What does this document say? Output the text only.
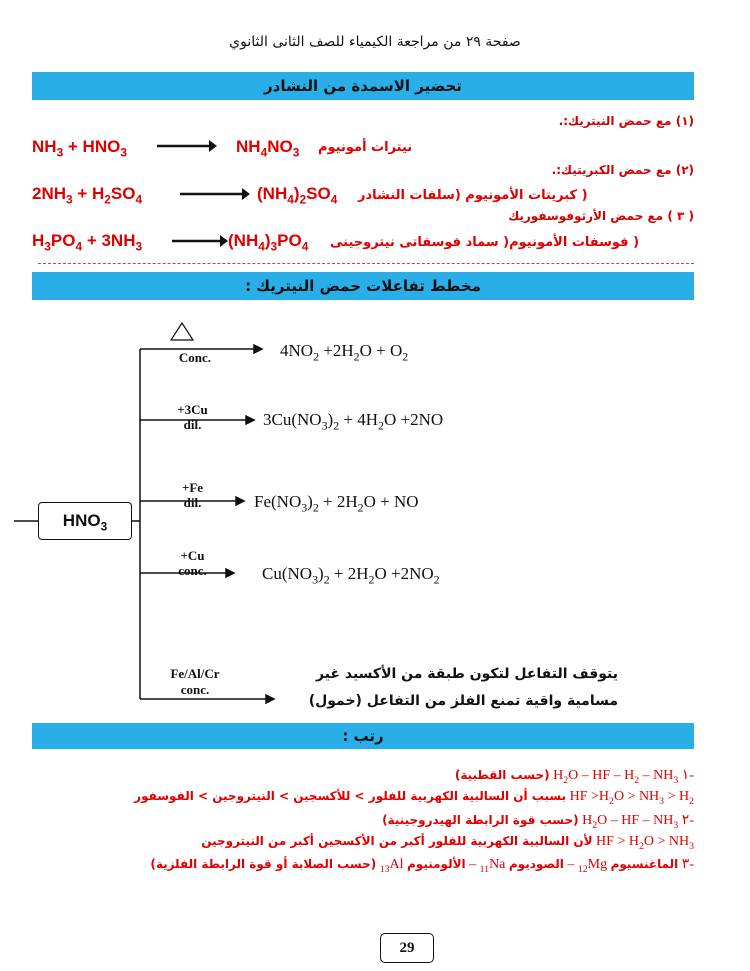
صفحة ٢٩ من مراجعة الكيمياء للصف الثانى الثانوي
تحضير الاسمدة من النشادر
(١) مع حمض النيتريك:.
$NH_3 + HNO_3$	$NH_4NO_3$ نيترات أمونيوم
(٢) مع حمض الكبريتيك:.
$2NH_3 + H_2SO_4$	$(NH_4)_2SO_4$ ( كبريتات الأمونيوم (سلفات النشادر
( ٣ ) مع حمض الأرثوفوسفوريك
$H_3PO_4 + 3NH_3$	$(NH_4)_3PO_4$ ( فوسفات الأمونيوم( سماد فوسفاتى نيتروجينى
مخطط تفاعلات حمض النيتريك :
$HNO_3$
Conc.
+3Cu
dil.
+Fe
dil.
+Cu
conc.
Fe/Al/Cr
conc.
$4NO_2 +2H_2O + O_2$
$3Cu(NO_3)_2 + 4H_2O +2NO$
$Fe(NO_3)_2 + 2H_2O$ + NO
$Cu(NO_3)_2 + 2H_2O +2NO_2$
يتوقف التفاعل لتكون طبقة من الأكسيد غير مسامية واقية تمنع الفلز من التفاعل (خمول)
رتب :
١- $H_2O$ – HF – $H_2 - NH_3$ (حسب القطبية)
HF $>H_2O > NH_3 > H_2$ بسبب أن السالبية الكهربية للفلور > للأكسجين > النيتروجين > الفوسفور
٢- $H_2O$ – HF – $NH_3$ (حسب قوة الرابطة الهيدروجينية)
HF > $H_2O > NH_3$ لأن السالبية الكهربية للفلور أكبر من الأكسجين أكبر من النيتروجين
٣- الماغنسيوم $_{12}$Mg – الصوديوم $_{11}$Na – الألومنيوم $_{13}$Al (حسب الصلابة أو قوة الرابطة الفلزية)
29
